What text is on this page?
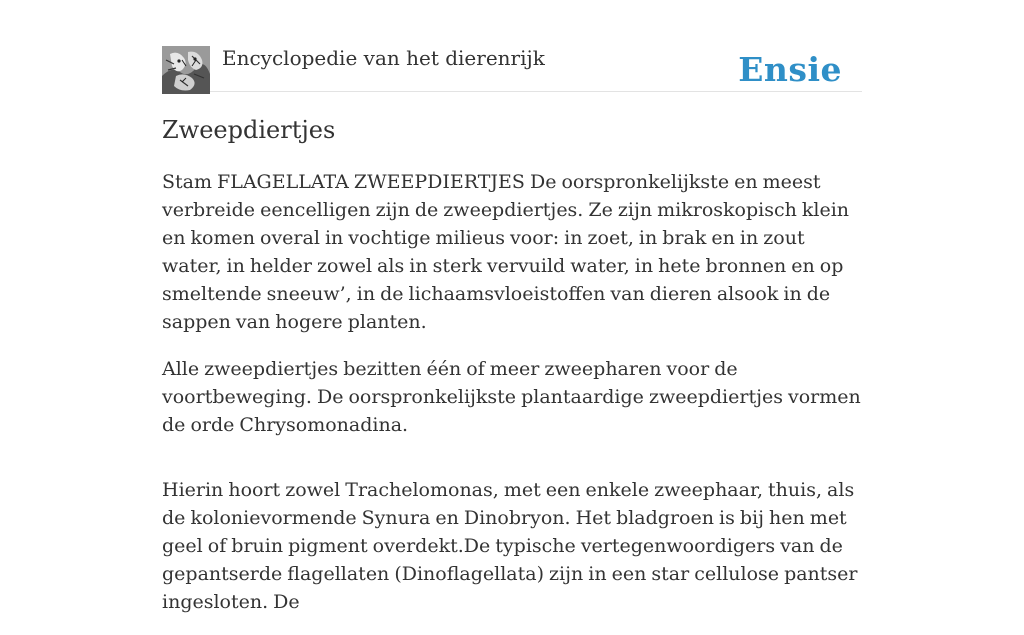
Encyclopedie van het dierenrijk	Ensie
Zweepdiertjes

Stam FLAGELLATA ZWEEPDIERTJES De oorspronkelijkste en meest verbreide eencelligen zijn de zweepdiertjes. Ze zijn mikroskopisch klein en komen overal in vochtige milieus voor: in zoet, in brak en in zout water, in helder zowel als in sterk vervuild water, in hete bronnen en op smeltende sneeuw’, in de lichaamsvloeistoffen van dieren alsook in de sappen van hogere planten.

Alle zweepdiertjes bezitten één of meer zweepharen voor de voortbeweging. De oorspronkelijkste plantaardige zweepdiertjes vormen de orde Chrysomonadina.

Hierin hoort zowel Trachelomonas, met een enkele zweephaar, thuis, als de kolonievormende Synura en Dinobryon. Het bladgroen is bij hen met geel of bruin pigment overdekt.De typische vertegenwoordigers van de gepantserde flagellaten (Dinoflagellata) zijn in een star cellulose pantser ingesloten. De
